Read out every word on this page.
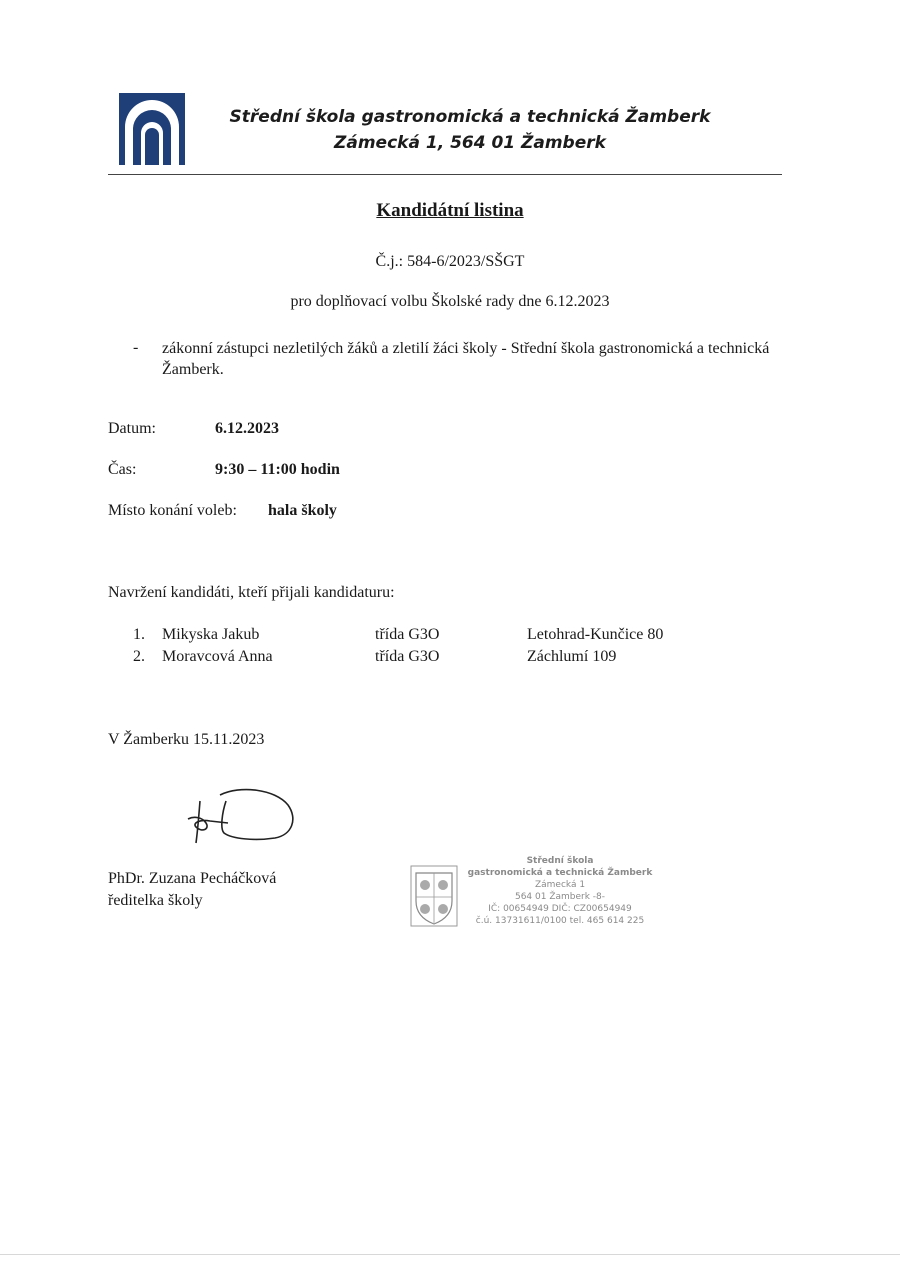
Střední škola gastronomická a technická Žamberk
Zámecká 1, 564 01 Žamberk
Kandidátní listina
Č.j.: 584-6/2023/SŠGT
pro doplňovací volbu Školské rady dne 6.12.2023
- zákonní zástupci nezletilých žáků a zletilí žáci školy - Střední škola gastronomická a technická Žamberk.
Datum:	6.12.2023
Čas:	9:30 – 11:00 hodin
Místo konání voleb: hala školy
Navržení kandidáti, kteří přijali kandidaturu:
1. Mikyska Jakub	třída G3O	Letohrad-Kunčice 80
2. Moravcová Anna	třída G3O	Záchlumí 109
V Žamberku 15.11.2023
PhDr. Zuzana Pecháčková
ředitelka školy
Střední škola
gastronomická a technická Žamberk
Zámecká 1
564 01 Žamberk -8-
IČ: 00654949 DIČ: CZ00654949
č.ú. 13731611/0100 tel. 465 614 225
